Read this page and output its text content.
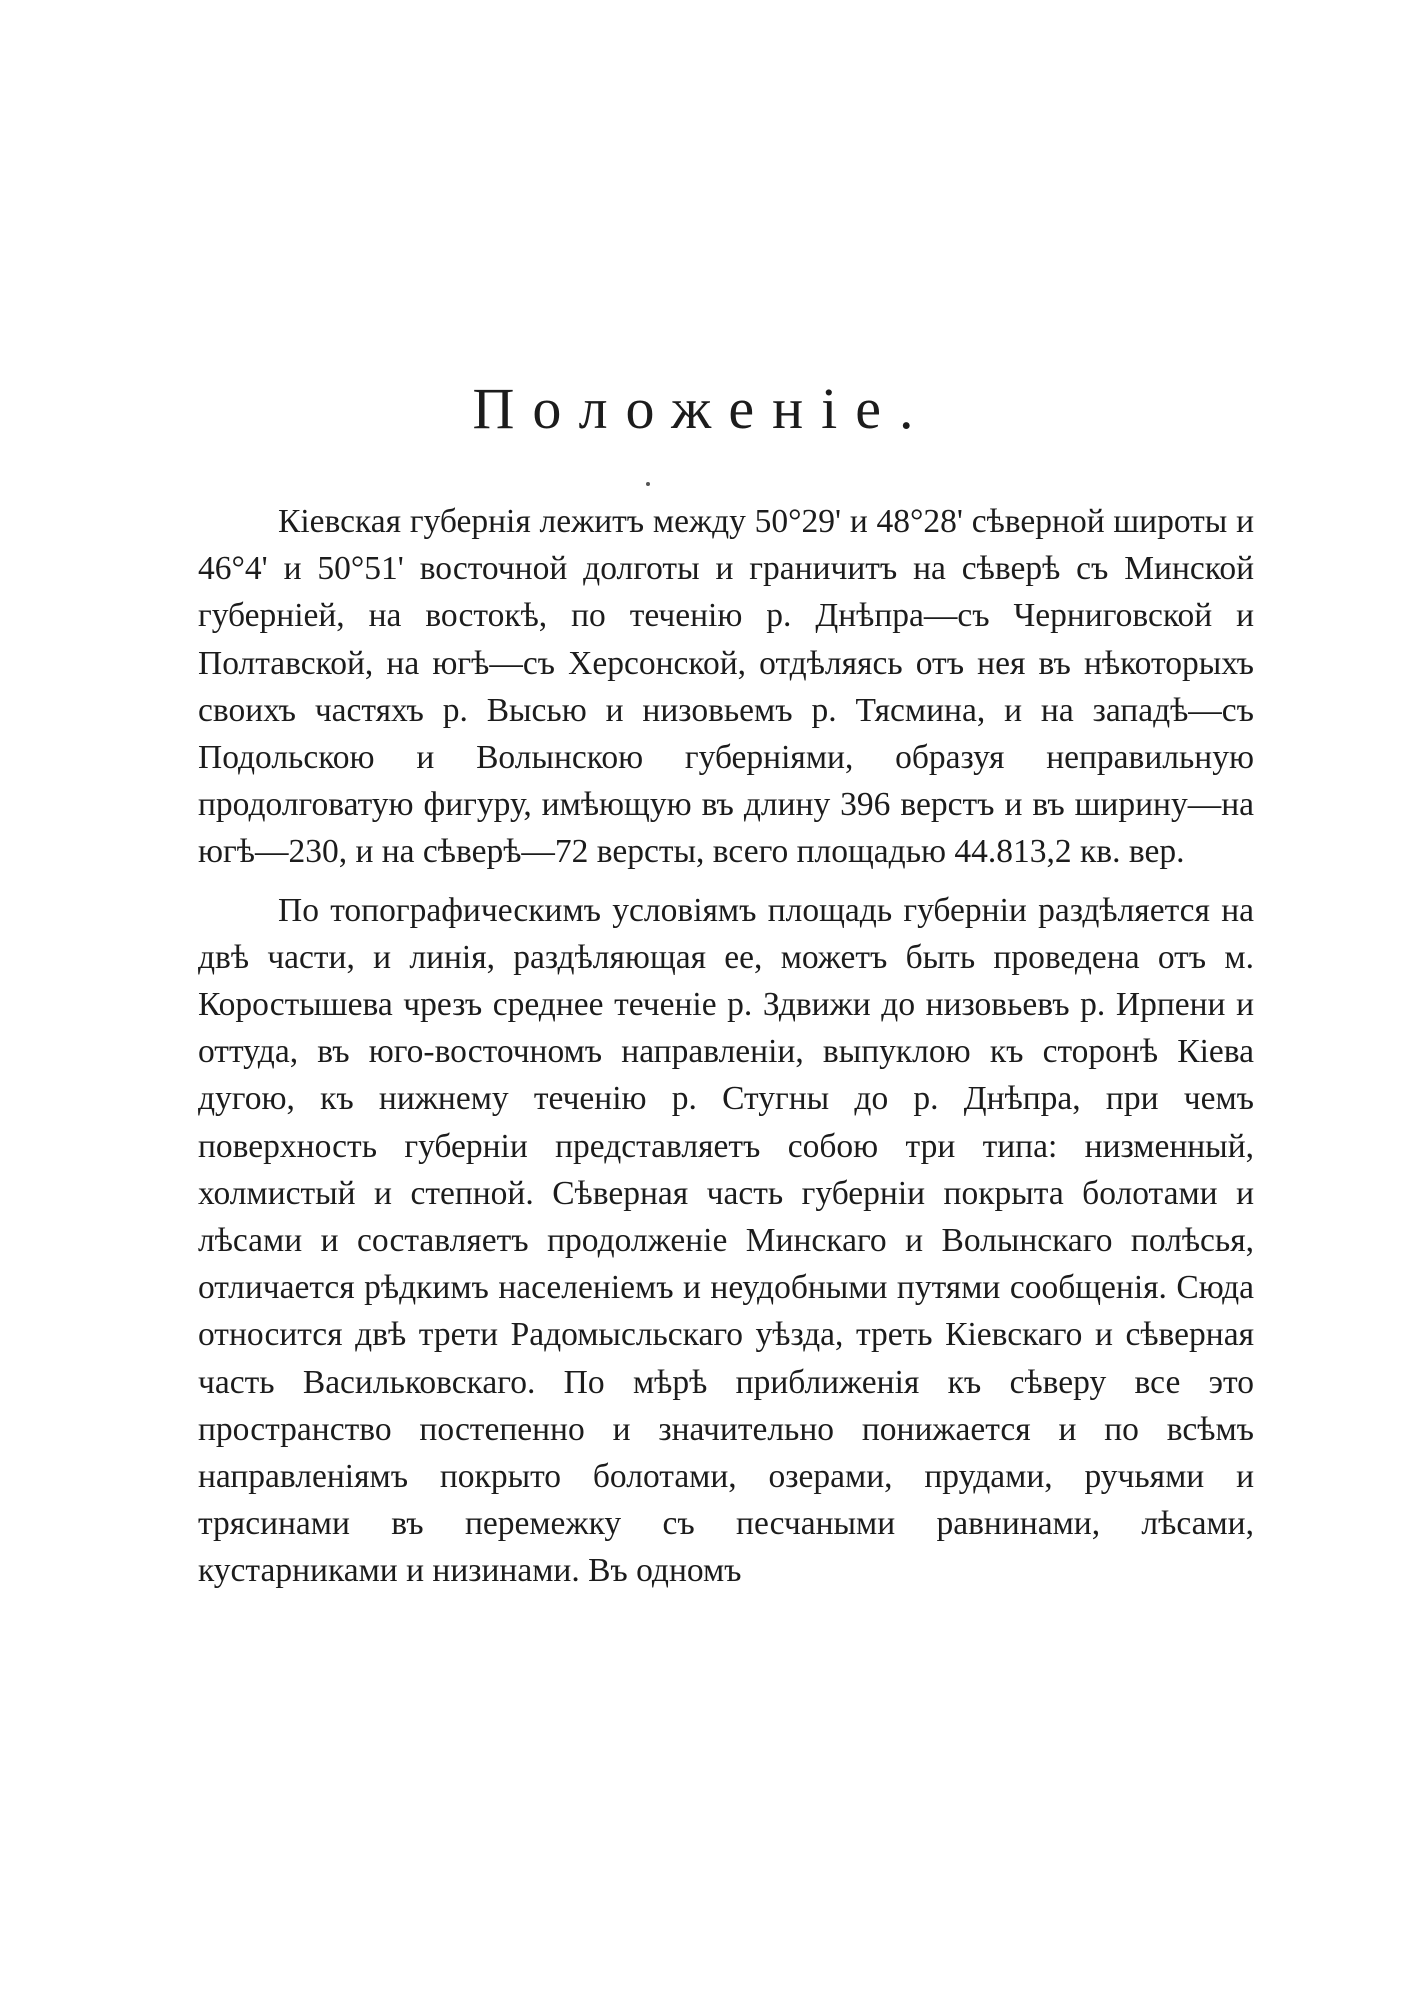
Положеніе.

Кіевская губернія лежитъ между 50°29' и 48°28' сѣверной широты и 46°4' и 50°51' восточной долготы и граничитъ на сѣверѣ съ Минской губерніей, на востокѣ, по теченію р. Днѣпра—съ Черниговской и Полтавской, на югѣ—съ Херсонской, отдѣляясь отъ нея въ нѣкоторыхъ своихъ частяхъ р. Высью и низовьемъ р. Тясмина, и на западѣ—съ Подольскою и Волынскою губерніями, образуя неправильную продолговатую фигуру, имѣющую въ длину 396 верстъ и въ ширину—на югѣ—230, и на сѣверѣ—72 версты, всего площадью 44.813,2 кв. вер.

По топографическимъ условіямъ площадь губерніи раздѣляется на двѣ части, и линія, раздѣляющая ее, можетъ быть проведена отъ м. Коростышева чрезъ среднее теченіе р. Здвижи до низовьевъ р. Ирпени и оттуда, въ юго-восточномъ направленіи, выпуклою къ сторонѣ Кіева дугою, къ нижнему теченію р. Стугны до р. Днѣпра, при чемъ поверхность губерніи представляетъ собою три типа: низменный, холмистый и степной. Сѣверная часть губерніи покрыта болотами и лѣсами и составляетъ продолженіе Минскаго и Волынскаго полѣсья, отличается рѣдкимъ населеніемъ и неудобными путями сообщенія. Сюда относится двѣ трети Радомысльскаго уѣзда, треть Кіевскаго и сѣверная часть Васильковскаго. По мѣрѣ приближенія къ сѣверу все это пространство постепенно и значительно понижается и по всѣмъ направленіямъ покрыто болотами, озерами, прудами, ручьями и трясинами въ перемежку съ песчаными равнинами, лѣсами, кустарниками и низинами. Въ одномъ
